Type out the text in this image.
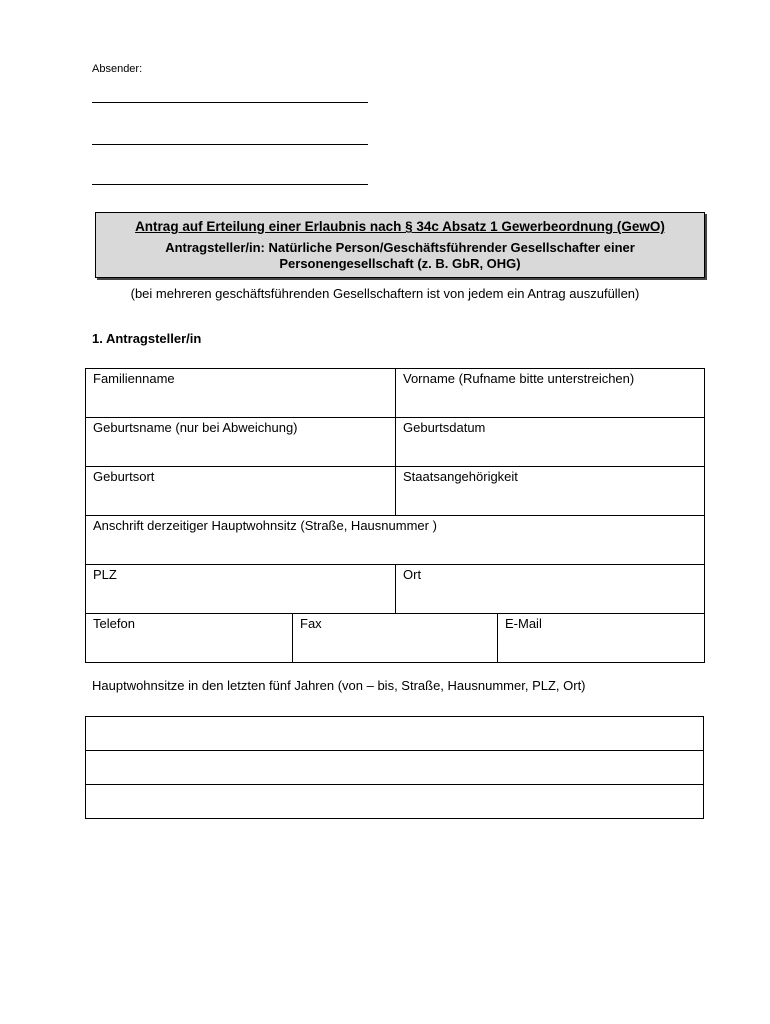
Absender:
Antrag auf Erteilung einer Erlaubnis nach § 34c Absatz 1 Gewerbeordnung (GewO)
Antragsteller/in: Natürliche Person/Geschäftsführender Gesellschafter einer
Personengesellschaft (z. B. GbR, OHG)
(bei mehreren geschäftsführenden Gesellschaftern ist von jedem ein Antrag auszufüllen)
1. Antragsteller/in
Familienname		Vorname (Rufname bitte unterstreichen)	

Geburtsname (nur bei Abweichung)		Geburtsdatum	

Geburtsort		Staatsangehörigkeit	

Anschrift derzeitiger Hauptwohnsitz (Straße, Hausnummer )			

PLZ		Ort	

Telefon	Fax		E-Mail
Hauptwohnsitze in den letzten fünf Jahren (von – bis, Straße, Hausnummer, PLZ, Ort)
